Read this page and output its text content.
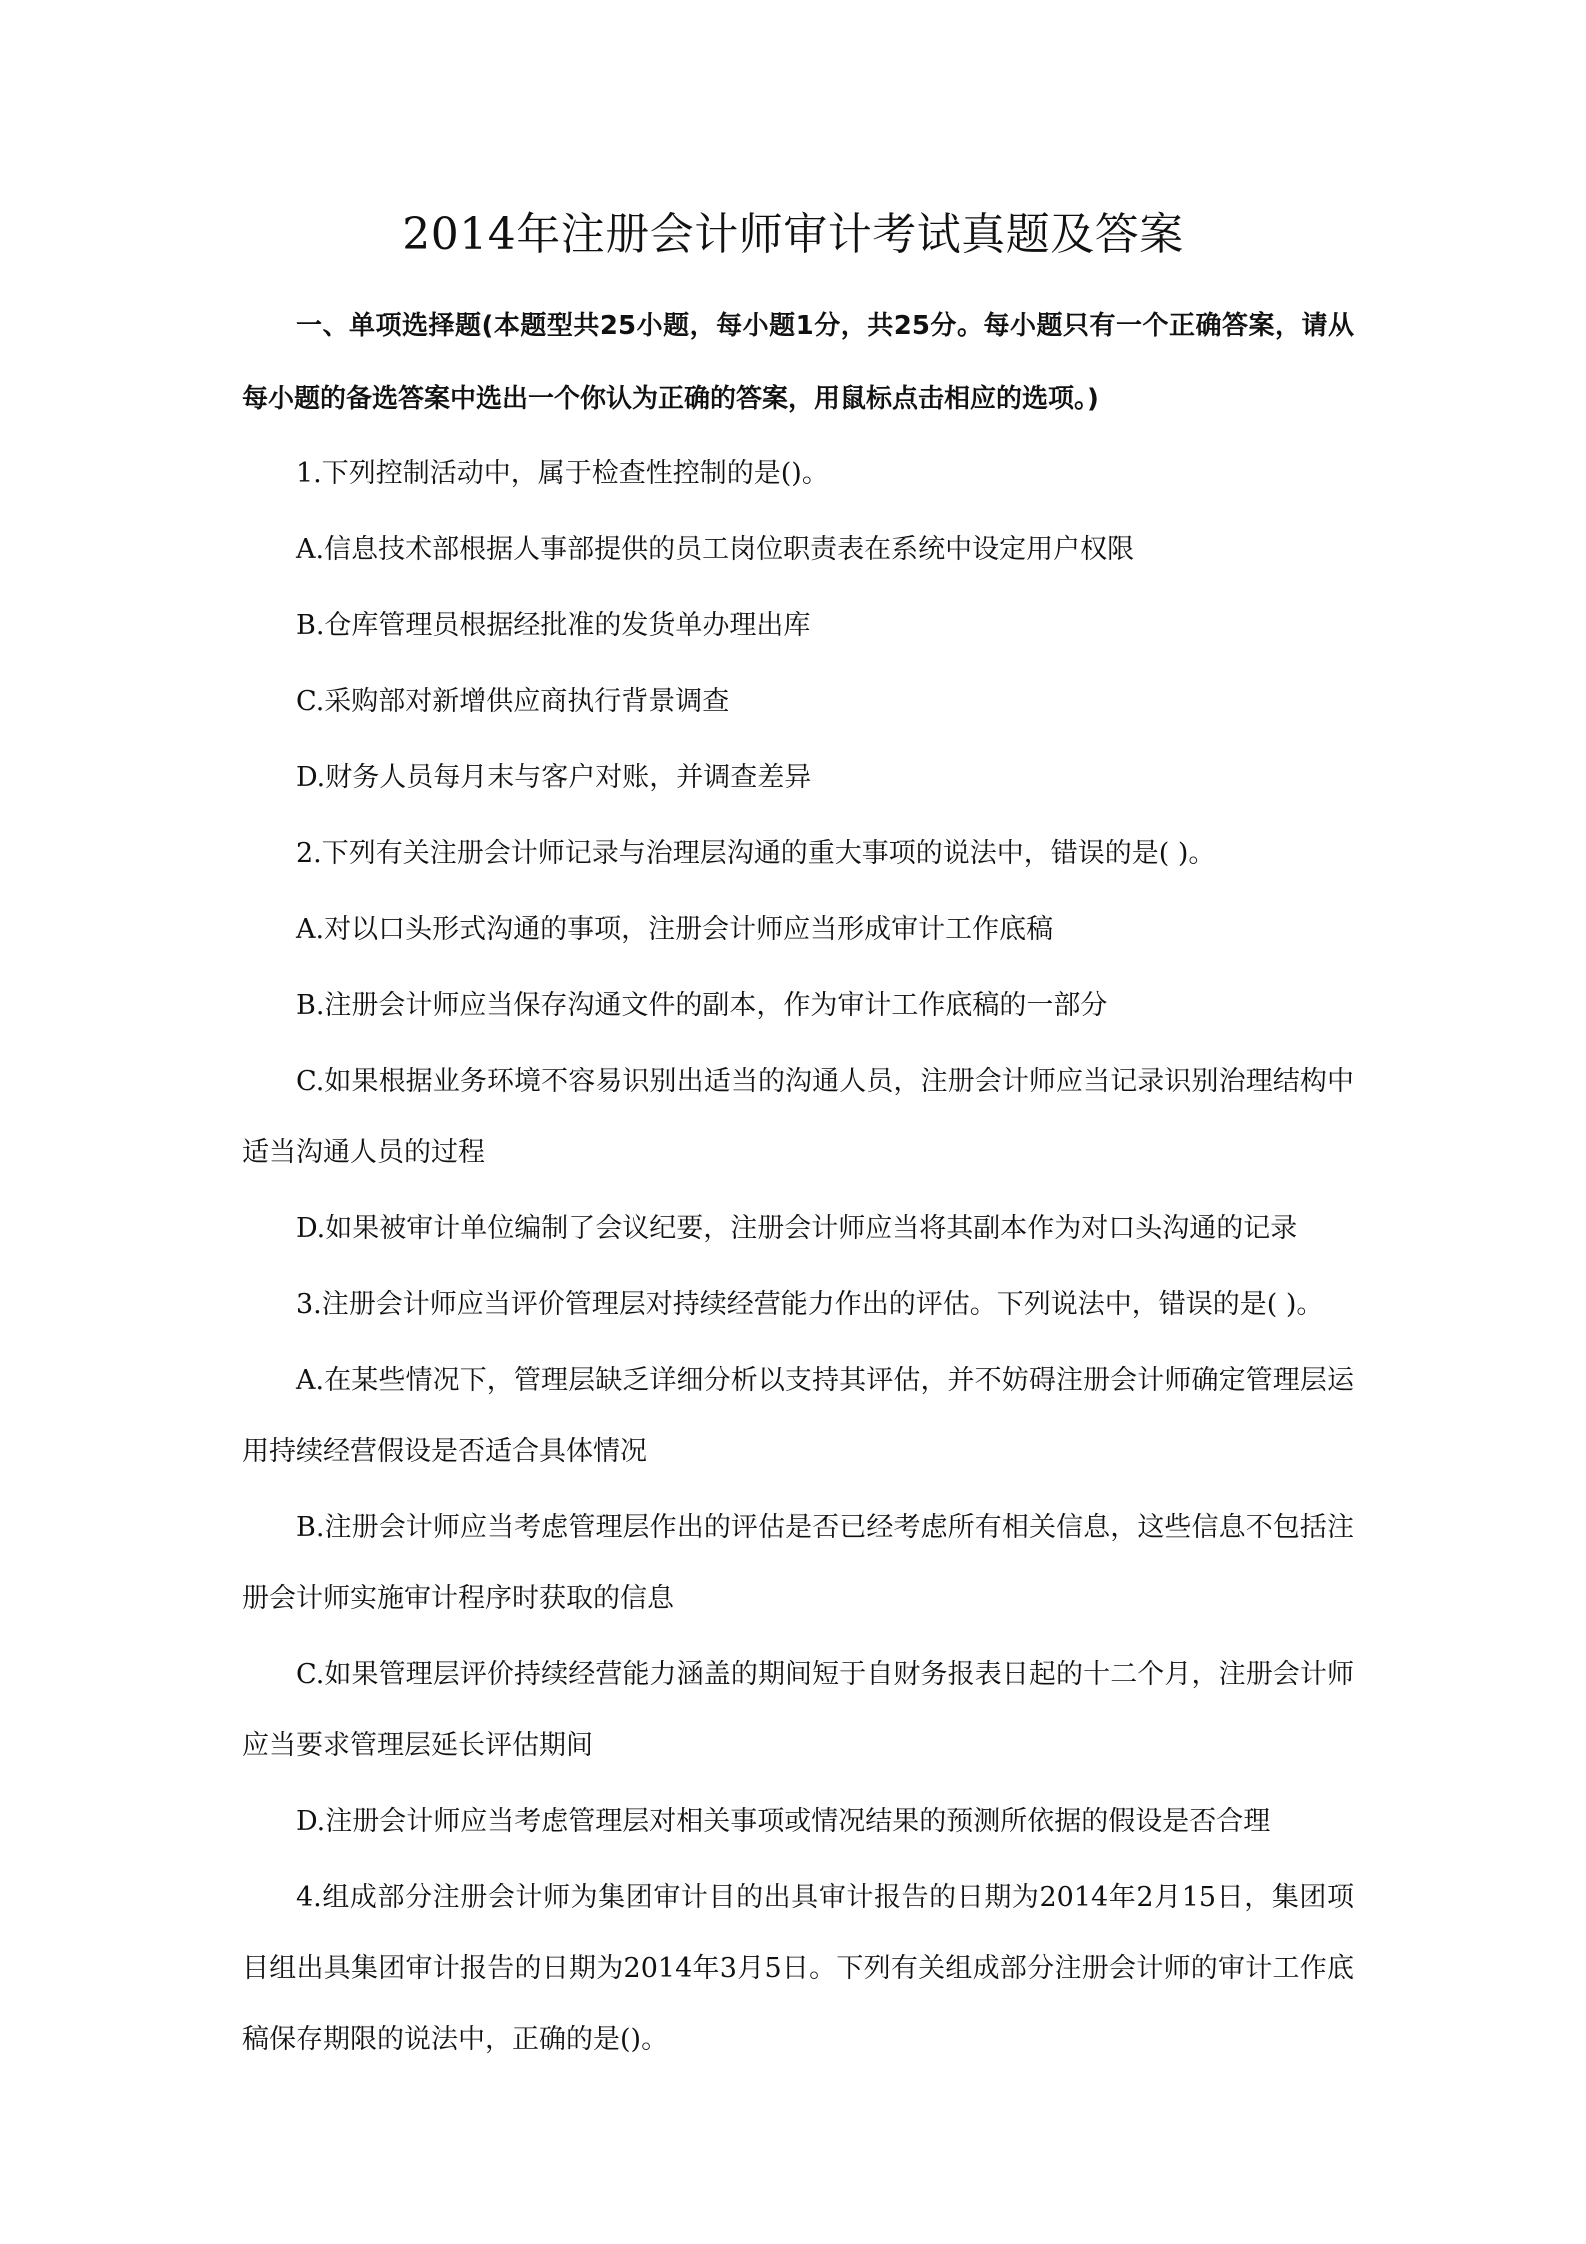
2014年注册会计师审计考试真题及答案

一、单项选择题(本题型共25小题，每小题1分，共25分。每小题只有一个正确答案，请从每小题的备选答案中选出一个你认为正确的答案，用鼠标点击相应的选项。)

1.下列控制活动中，属于检查性控制的是()。

A.信息技术部根据人事部提供的员工岗位职责表在系统中设定用户权限

B.仓库管理员根据经批准的发货单办理出库

C.采购部对新增供应商执行背景调查

D.财务人员每月末与客户对账，并调查差异

2.下列有关注册会计师记录与治理层沟通的重大事项的说法中，错误的是( )。

A.对以口头形式沟通的事项，注册会计师应当形成审计工作底稿

B.注册会计师应当保存沟通文件的副本，作为审计工作底稿的一部分

C.如果根据业务环境不容易识别出适当的沟通人员，注册会计师应当记录识别治理结构中适当沟通人员的过程

D.如果被审计单位编制了会议纪要，注册会计师应当将其副本作为对口头沟通的记录

3.注册会计师应当评价管理层对持续经营能力作出的评估。下列说法中，错误的是( )。

A.在某些情况下，管理层缺乏详细分析以支持其评估，并不妨碍注册会计师确定管理层运用持续经营假设是否适合具体情况

B.注册会计师应当考虑管理层作出的评估是否已经考虑所有相关信息，这些信息不包括注册会计师实施审计程序时获取的信息

C.如果管理层评价持续经营能力涵盖的期间短于自财务报表日起的十二个月，注册会计师应当要求管理层延长评估期间

D.注册会计师应当考虑管理层对相关事项或情况结果的预测所依据的假设是否合理

4.组成部分注册会计师为集团审计目的出具审计报告的日期为2014年2月15日，集团项目组出具集团审计报告的日期为2014年3月5日。下列有关组成部分注册会计师的审计工作底稿保存期限的说法中，正确的是()。
